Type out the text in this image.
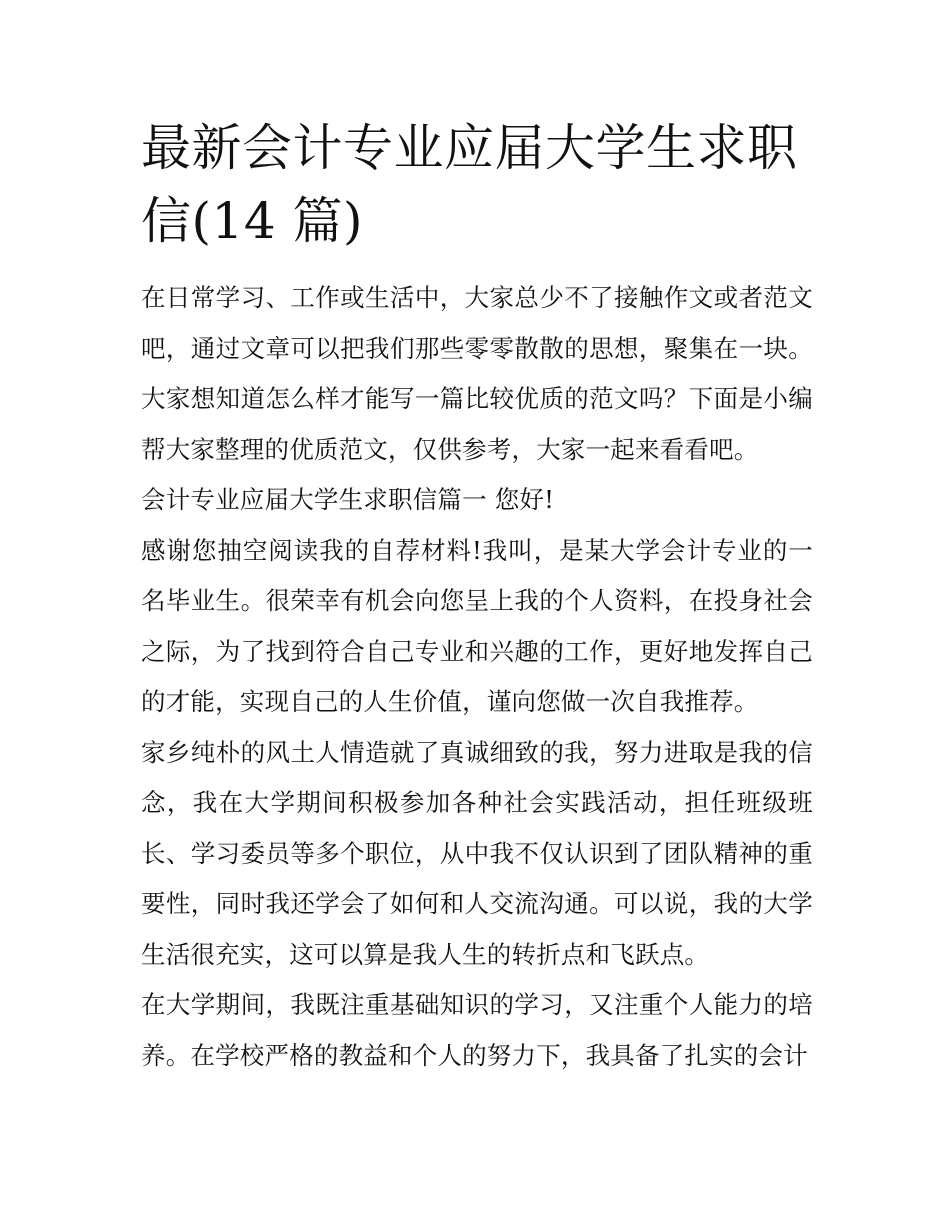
最新会计专业应届大学生求职信(14 篇)

在日常学习、工作或生活中，大家总少不了接触作文或者范文吧，通过文章可以把我们那些零零散散的思想，聚集在一块。大家想知道怎么样才能写一篇比较优质的范文吗？下面是小编帮大家整理的优质范文，仅供参考，大家一起来看看吧。

会计专业应届大学生求职信篇一 您好!

感谢您抽空阅读我的自荐材料!我叫，是某大学会计专业的一名毕业生。很荣幸有机会向您呈上我的个人资料，在投身社会之际，为了找到符合自己专业和兴趣的工作，更好地发挥自己的才能，实现自己的人生价值，谨向您做一次自我推荐。

家乡纯朴的风土人情造就了真诚细致的我，努力进取是我的信念，我在大学期间积极参加各种社会实践活动，担任班级班长、学习委员等多个职位，从中我不仅认识到了团队精神的重要性，同时我还学会了如何和人交流沟通。可以说，我的大学生活很充实，这可以算是我人生的转折点和飞跃点。

在大学期间，我既注重基础知识的学习，又注重个人能力的培养。在学校严格的教益和个人的努力下，我具备了扎实的会计
